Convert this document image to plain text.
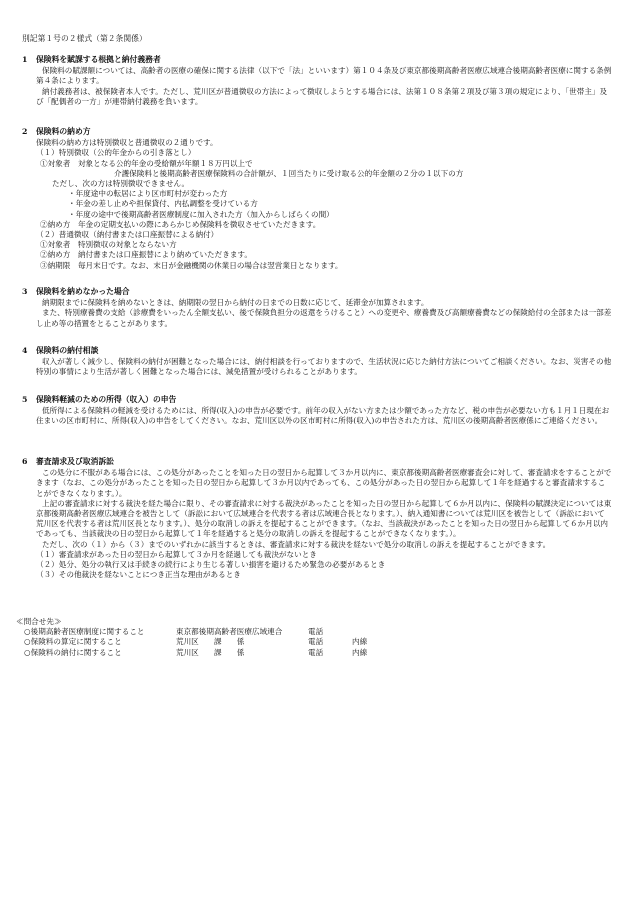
別記第１号の２様式（第２条関係）
1 保険料を賦課する根拠と納付義務者

保険料の賦課額については、高齢者の医療の確保に関する法律（以下で「法」といいます）第１０４条及び東京都後期高齢者医療広域連合後期高齢者医療に関する条例第４条によります。

納付義務者は、被保険者本人です。ただし、荒川区が普通徴収の方法によって徴収しようとする場合には、法第１０８条第２項及び第３項の規定により、「世帯主」及び「配偶者の一方」が連帯納付義務を負います。

2 保険料の納め方

保険料の納め方は特別徴収と普通徴収の２通りです。

（１）特別徴収（公的年金からの引き落とし）

①対象者　対象となる公的年金の受給額が年額１８万円以上で

介護保険料と後期高齢者医療保険料の合計額が、１回当たりに受け取る公的年金額の２分の１以下の方

ただし、次の方は特別徴収できません。

・年度途中の転居により区市町村が変わった方

・年金の差し止めや担保貸付、内払調整を受けている方

・年度の途中で後期高齢者医療制度に加入された方（加入からしばらくの間）

②納め方　年金の定期支払いの際にあらかじめ保険料を徴収させていただきます。

（２）普通徴収（納付書または口座振替による納付）

①対象者　特別徴収の対象とならない方

②納め方　納付書または口座振替により納めていただきます。

③納期限　毎月末日です。なお、末日が金融機関の休業日の場合は翌営業日となります。

3 保険料を納めなかった場合

納期限までに保険料を納めないときは、納期限の翌日から納付の日までの日数に応じて、延滞金が加算されます。

また、特別療養費の支給（診療費をいったん全額支払い、後で保険負担分の返還をうけること）への変更や、療養費及び高額療養費などの保険給付の全部または一部差し止め等の措置をとることがあります。

4 保険料の納付相談

収入が著しく減少し、保険料の納付が困難となった場合には、納付相談を行っておりますので、生活状況に応じた納付方法についてご相談ください。なお、災害その他特別の事情により生活が著しく困難となった場合には、減免措置が受けられることがあります。

5 保険料軽減のための所得（収入）の申告

低所得による保険料の軽減を受けるためには、所得(収入)の申告が必要です。前年の収入がない方または少額であった方など、税の申告が必要ない方も１月１日現在お住まいの区市町村に、所得(収入)の申告をしてください。なお、荒川区以外の区市町村に所得(収入)の申告された方は、荒川区の後期高齢者医療係にご連絡ください。

6 審査請求及び取消訴訟

この処分に不服がある場合には、この処分があったことを知った日の翌日から起算して３か月以内に、東京都後期高齢者医療審査会に対して、審査請求をすることができます（なお、この処分があったことを知った日の翌日から起算して３か月以内であっても、この処分があった日の翌日から起算して１年を経過すると審査請求することができなくなります。）。

上記の審査請求に対する裁決を経た場合に限り、その審査請求に対する裁決があったことを知った日の翌日から起算して６か月以内に、保険料の賦課決定については東京都後期高齢者医療広域連合を被告として（訴訟において広域連合を代表する者は広域連合長となります。）、納入通知書については荒川区を被告として（訴訟において荒川区を代表する者は荒川区長となります。）、処分の取消しの訴えを提起することができます。（なお、当該裁決があったことを知った日の翌日から起算して６か月以内であっても、当該裁決の日の翌日から起算して１年を経過すると処分の取消しの訴えを提起することができなくなります。）。

ただし、次の（１）から（３）までのいずれかに該当するときは、審査請求に対する裁決を経ないで処分の取消しの訴えを提起することができます。

（１）審査請求があった日の翌日から起算して３か月を経過しても裁決がないとき

（２）処分、処分の執行又は手続きの続行により生じる著しい損害を避けるため緊急の必要があるとき

（３）その他裁決を経ないことにつき正当な理由があるとき

≪問合せ先≫
○後期高齢者医療制度に関すること	東京都後期高齢者医療広域連合	電話
○保険料の算定に関すること	荒川区　　課　　係	電話	内線
○保険料の納付に関すること	荒川区　　課　　係	電話	内線
